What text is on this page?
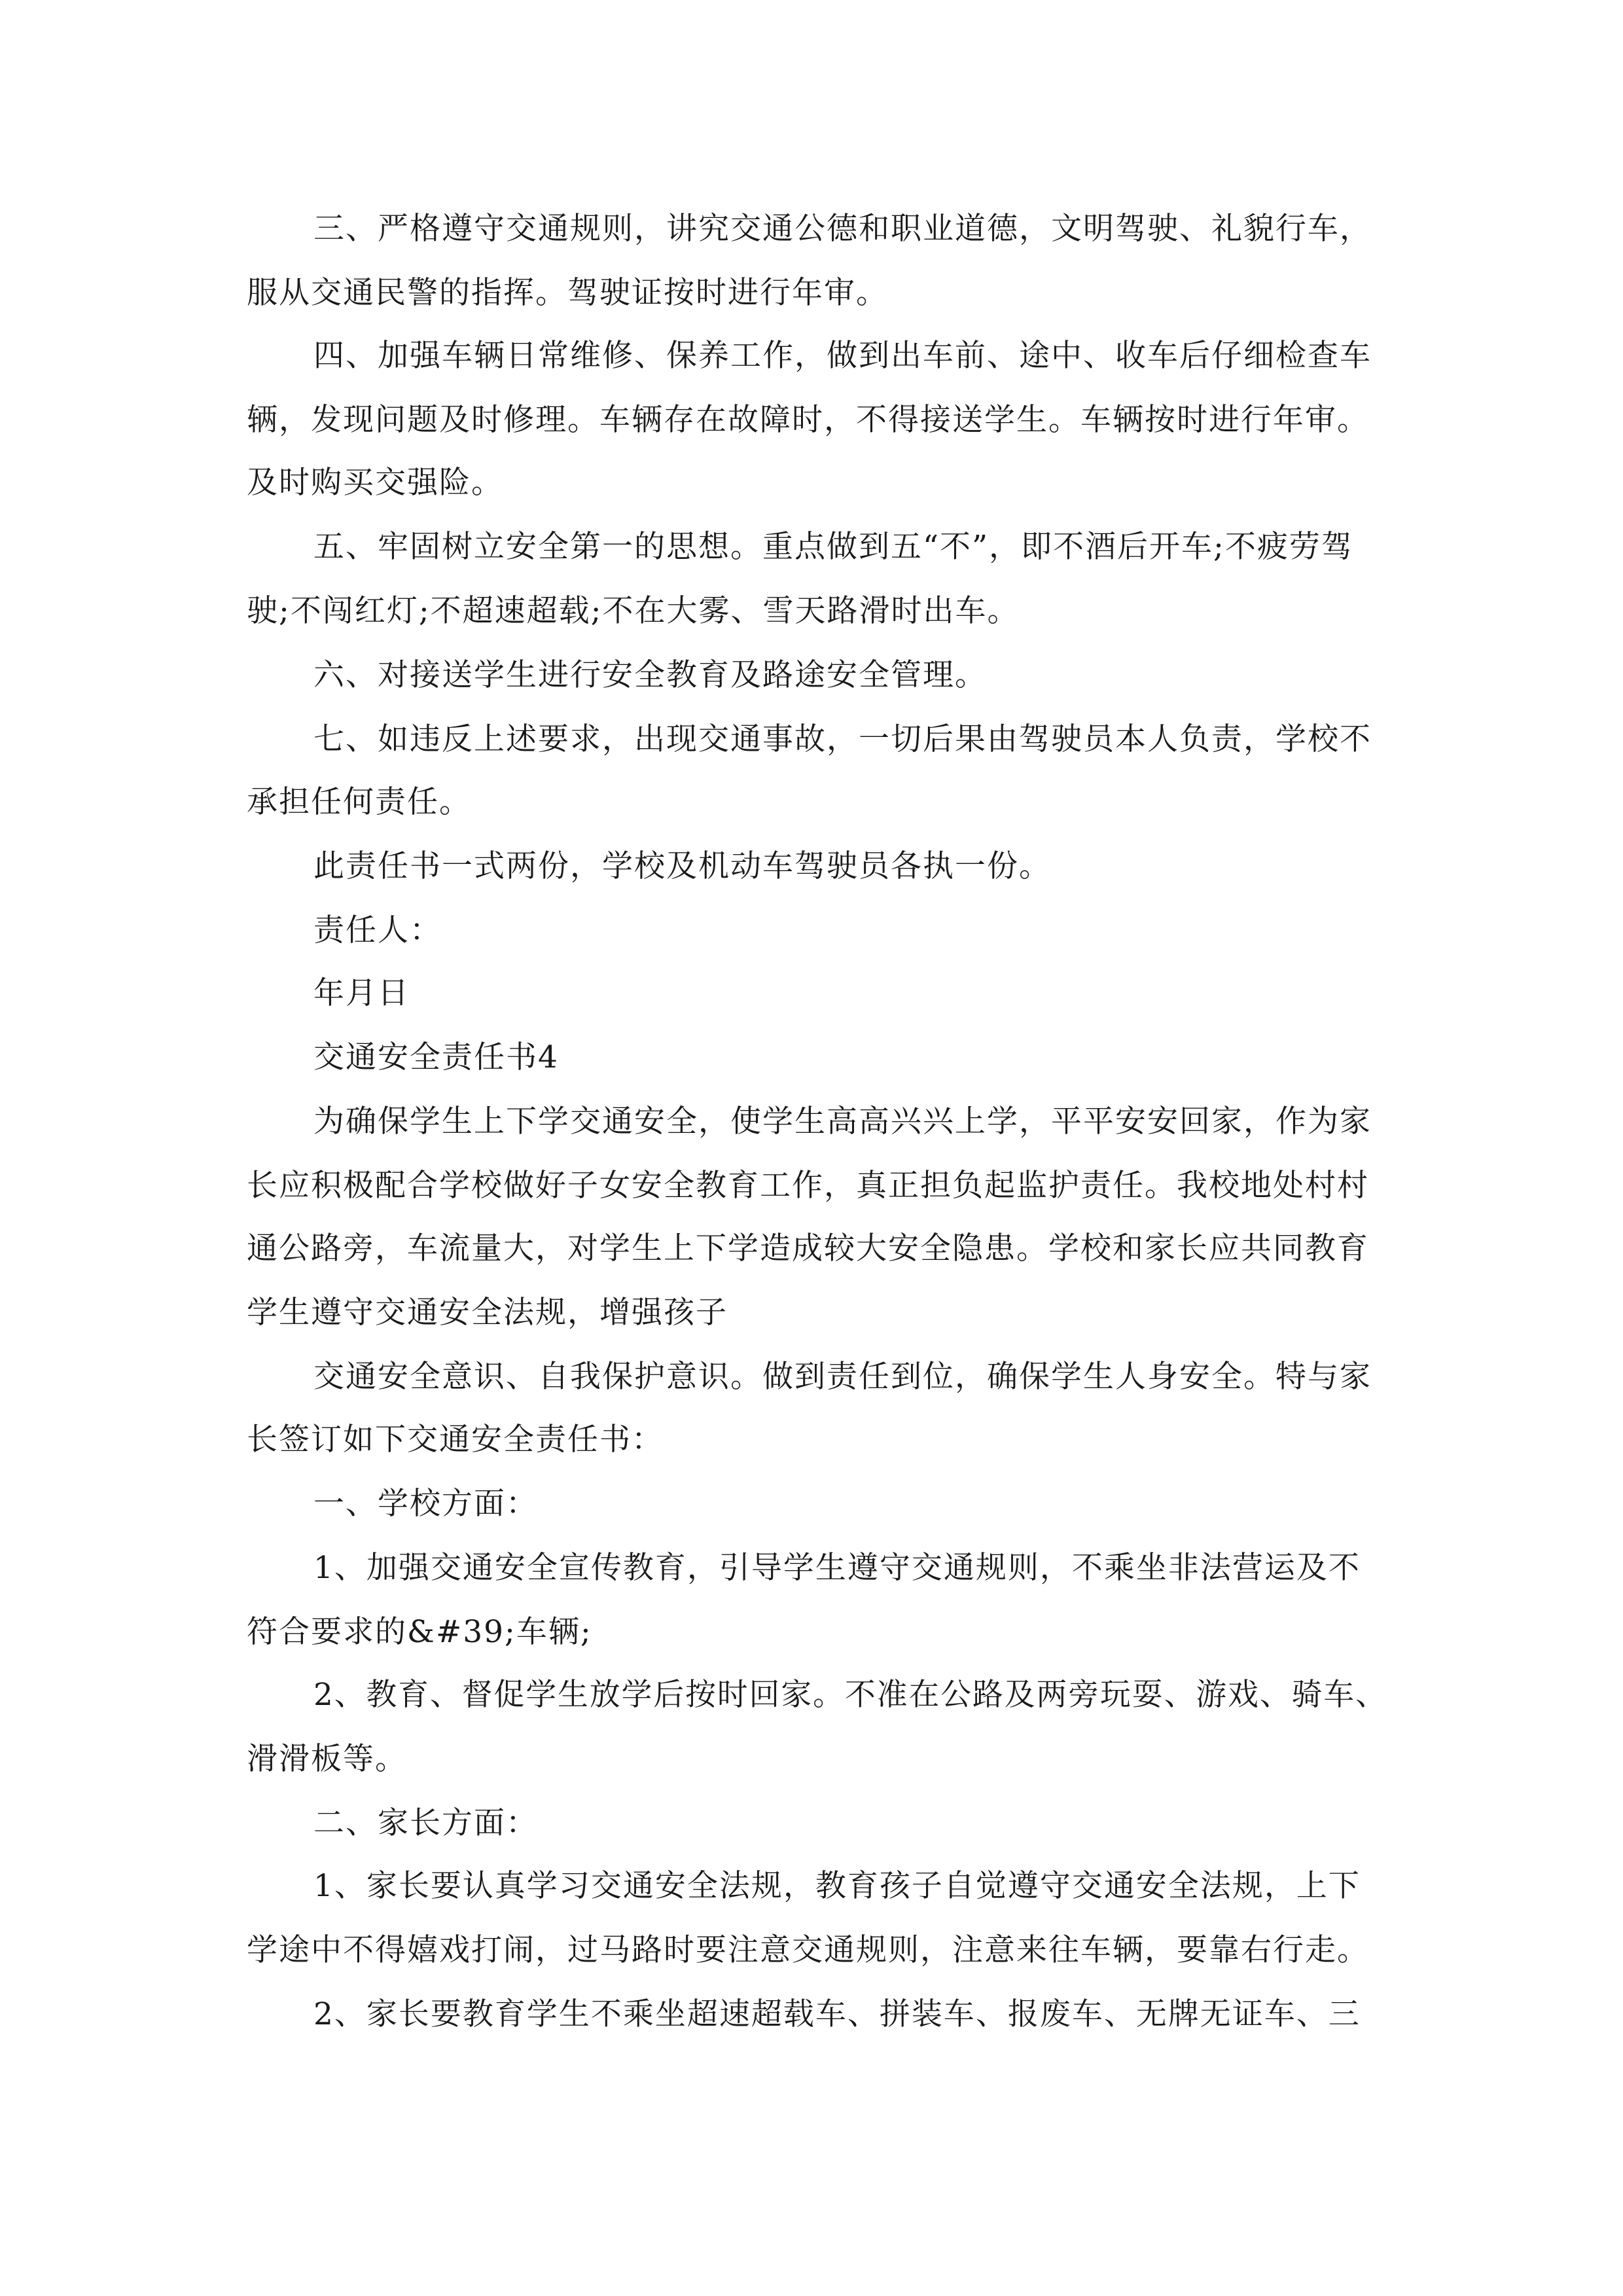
三、严格遵守交通规则，讲究交通公德和职业道德，文明驾驶、礼貌行车，
服从交通民警的指挥。驾驶证按时进行年审。
四、加强车辆日常维修、保养工作，做到出车前、途中、收车后仔细检查车
辆，发现问题及时修理。车辆存在故障时，不得接送学生。车辆按时进行年审。
及时购买交强险。
五、牢固树立安全第一的思想。重点做到五“不”，即不酒后开车;不疲劳驾
驶;不闯红灯;不超速超载;不在大雾、雪天路滑时出车。
六、对接送学生进行安全教育及路途安全管理。
七、如违反上述要求，出现交通事故，一切后果由驾驶员本人负责，学校不
承担任何责任。
此责任书一式两份，学校及机动车驾驶员各执一份。
责任人：
年月日
交通安全责任书4
为确保学生上下学交通安全，使学生高高兴兴上学，平平安安回家，作为家
长应积极配合学校做好子女安全教育工作，真正担负起监护责任。我校地处村村
通公路旁，车流量大，对学生上下学造成较大安全隐患。学校和家长应共同教育
学生遵守交通安全法规，增强孩子
交通安全意识、自我保护意识。做到责任到位，确保学生人身安全。特与家
长签订如下交通安全责任书：
一、学校方面：
1、加强交通安全宣传教育，引导学生遵守交通规则，不乘坐非法营运及不
符合要求的&#39;车辆;
2、教育、督促学生放学后按时回家。不准在公路及两旁玩耍、游戏、骑车、
滑滑板等。
二、家长方面：
1、家长要认真学习交通安全法规，教育孩子自觉遵守交通安全法规，上下
学途中不得嬉戏打闹，过马路时要注意交通规则，注意来往车辆，要靠右行走。
2、家长要教育学生不乘坐超速超载车、拼装车、报废车、无牌无证车、三
